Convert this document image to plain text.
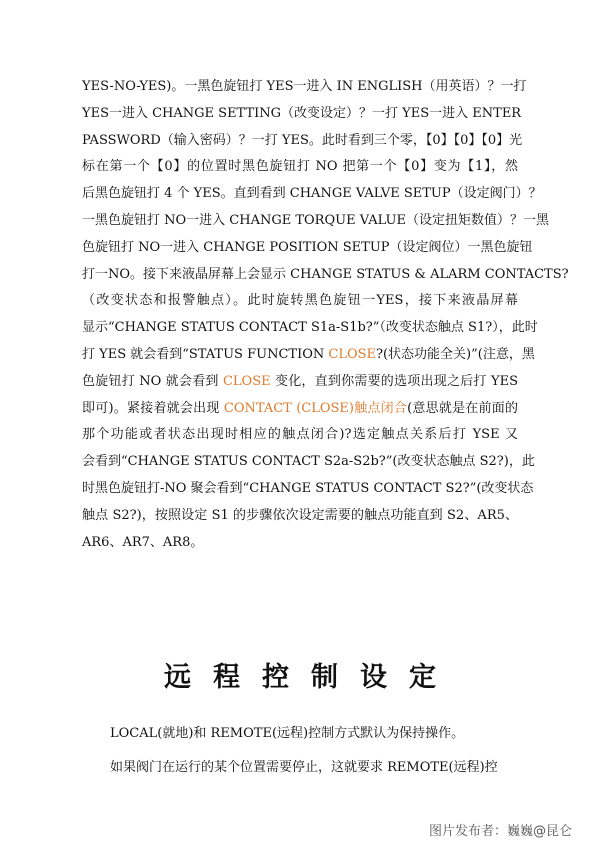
YES-NO-YES)。一黑色旋钮打 YES一进入 IN ENGLISH（用英语）？一打
YES一进入 CHANGE SETTING（改变设定）？一打 YES一进入 ENTER
PASSWORD（输入密码）？一打 YES。此时看到三个零，【0】【0】【0】光
标在第一个【0】的位置时黑色旋钮打 NO 把第一个【0】变为【1】，然
后黑色旋钮打 4 个 YES。直到看到 CHANGE VALVE SETUP（设定阀门）？
一黑色旋钮打 NO一进入 CHANGE TORQUE VALUE（设定扭矩数值）？一黑
色旋钮打 NO一进入 CHANGE POSITION SETUP（设定阀位）一黑色旋钮
打一NO。接下来液晶屏幕上会显示 CHANGE STATUS & ALARM CONTACTS?
（改变状态和报警触点）。此时旋转黑色旋钮一YES，接下来液晶屏幕
显示“CHANGE STATUS CONTACT S1a-S1b?”（改变状态触点 S1?），此时
打 YES 就会看到“STATUS FUNCTION CLOSE?(状态功能全关)”(注意，黑
色旋钮打 NO 就会看到 CLOSE 变化，直到你需要的选项出现之后打 YES
即可)。紧接着就会出现 CONTACT (CLOSE)触点闭合(意思就是在前面的
那个功能或者状态出现时相应的触点闭合)?选定触点关系后打 YSE 又
会看到“CHANGE STATUS CONTACT S2a-S2b?”(改变状态触点 S2?)，此
时黑色旋钮打-NO 聚会看到“CHANGE STATUS CONTACT S2?”(改变状态
触点 S2?)，按照设定 S1 的步骤依次设定需要的触点功能直到 S2、AR5、
AR6、AR7、AR8。
远程控制设定
LOCAL(就地)和 REMOTE(远程)控制方式默认为保持操作。
如果阀门在运行的某个位置需要停止，这就要求 REMOTE(远程)控
图片发布者：巍巍@昆仑
